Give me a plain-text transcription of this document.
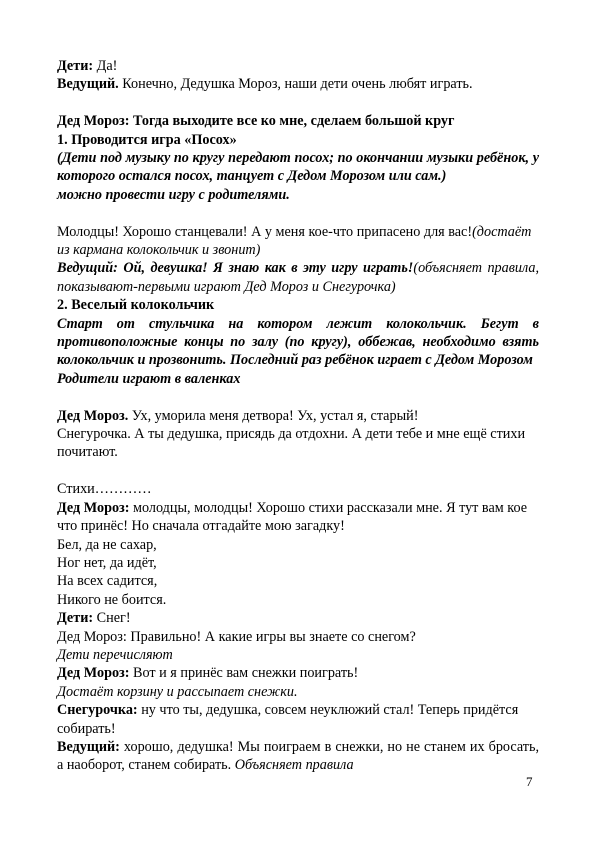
Дети: Да!

Ведущий. Конечно, Дедушка Мороз, наши дети очень любят играть.

Дед Мороз: Тогда выходите все ко мне, сделаем большой круг

1. Проводится игра «Посох»

(Дети под музыку по кругу передают посох; по окончании музыки ребёнок, у которого остался посох, танцует с Дедом Морозом или сам.)

можно провести игру с родителями.

Молодцы! Хорошо станцевали! А у меня кое-что припасено для вас!(достаёт из кармана колокольчик и звонит)

Ведущий: Ой, девушка! Я знаю как в эту игру играть!(объясняет правила, показывают-первыми играют Дед Мороз и Снегурочка)

2. Веселый колокольчик

Старт от стульчика на котором лежит колокольчик. Бегут в противоположные концы по залу (по кругу), оббежав, необходимо взять колокольчик и прозвонить. Последний раз ребёнок играет с Дедом Морозом

Родители играют в валенках

Дед Мороз. Ух, уморила меня детвора! Ух, устал я, старый!

Снегурочка. А ты дедушка, присядь да отдохни. А дети тебе и мне ещё стихи почитают.

Стихи…………

Дед Мороз: молодцы, молодцы! Хорошо стихи рассказали мне. Я тут вам кое что принёс! Но сначала отгадайте мою загадку!

Бел, да не сахар,

Ног нет, да идёт,

На всех садится,

Никого не боится.

Дети: Снег!

Дед Мороз: Правильно! А какие игры вы знаете со снегом?

Дети перечисляют

Дед Мороз: Вот и я принёс вам снежки поиграть!

Достаёт корзину и рассыпает снежки.

Снегурочка: ну что ты, дедушка, совсем неуклюжий стал! Теперь придётся собирать!

Ведущий: хорошо, дедушка! Мы поиграем в снежки, но не станем их бросать, а наоборот, станем собирать. Объясняет правила

7
